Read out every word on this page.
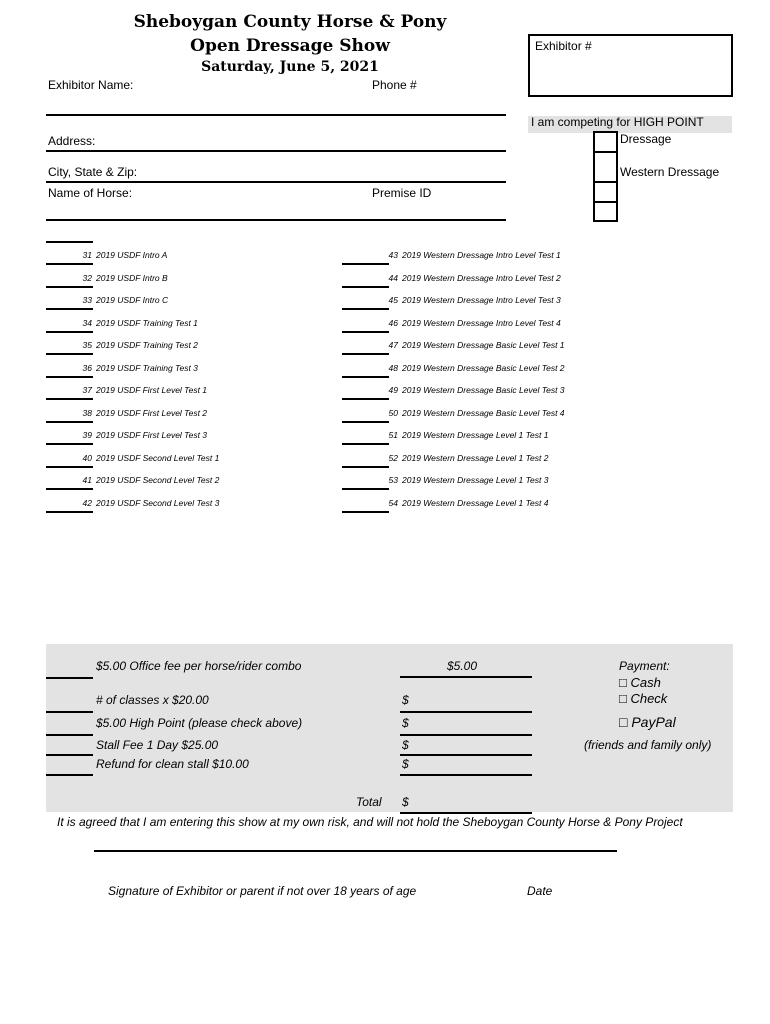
Sheboygan County Horse & Pony
Open Dressage Show
Saturday, June 5, 2021
Exhibitor #
Exhibitor Name:	Phone #
Address:
City, State & Zip:
Name of Horse:	Premise ID
I am competing for HIGH POINT
Dressage
Western Dressage
31 2019 USDF Intro A
32 2019 USDF Intro B
33 2019 USDF Intro C
34 2019 USDF Training Test 1
35 2019 USDF Training Test 2
36 2019 USDF Training Test 3
37 2019 USDF First Level Test 1
38 2019 USDF First Level Test 2
39 2019 USDF First Level Test 3
40 2019 USDF Second Level Test 1
41 2019 USDF Second Level Test 2
42 2019 USDF Second Level Test 3
43 2019 Western Dressage Intro Level Test 1
44 2019 Western Dressage Intro Level Test 2
45 2019 Western Dressage Intro Level Test 3
46 2019 Western Dressage Intro Level Test 4
47 2019 Western Dressage Basic Level Test 1
48 2019 Western Dressage Basic Level Test 2
49 2019 Western Dressage Basic Level Test 3
50 2019 Western Dressage Basic Level Test 4
51 2019 Western Dressage Level 1 Test 1
52 2019 Western Dressage Level 1 Test 2
53 2019 Western Dressage Level 1 Test 3
54 2019 Western Dressage Level 1 Test 4
$5.00 Office fee per horse/rider combo	$5.00
# of classes x $20.00	$
$5.00 High Point (please check above)	$
Stall Fee 1 Day $25.00	$
Refund for clean stall $10.00	$
Total $
Payment:
□ Cash
□ Check
□ PayPal
(friends and family only)
It is agreed that I am entering this show at my own risk, and will not hold the Sheboygan County Horse & Pony Project
Signature of Exhibitor or parent if not over 18 years of age	Date
